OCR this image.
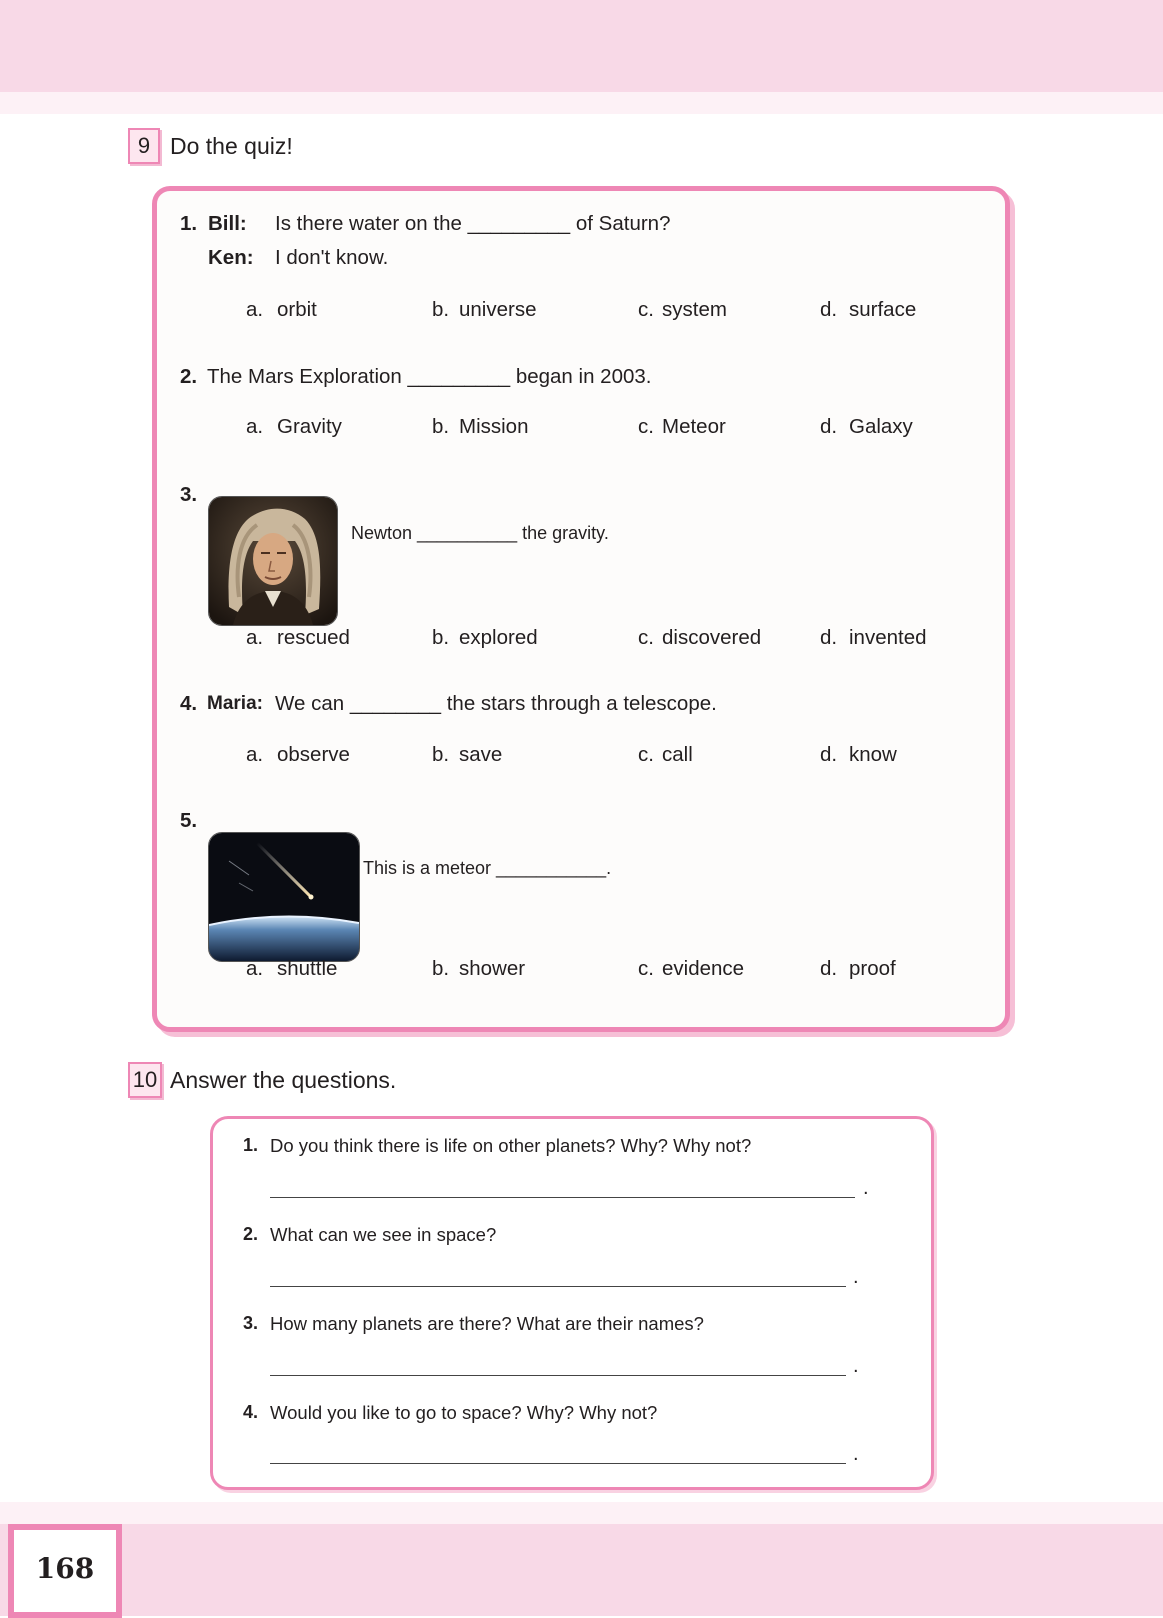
9 Do the quiz!
1. Bill: Is there water on the _________ of Saturn?
Ken: I don't know.
a. orbit	b. universe	c. system	d. surface
2. The Mars Exploration _________ began in 2003.
a. Gravity	b. Mission	c. Meteor	d. Galaxy
3.
Newton __________ the gravity.
a. rescued	b. explored	c. discovered	d. invented
4. Maria: We can ________ the stars through a telescope.
a. observe	b. save	c. call	d. know
5.
This is a meteor ___________.
a. shuttle	b. shower	c. evidence	d. proof
10 Answer the questions.
1. Do you think there is life on other planets? Why? Why not?
.
2. What can we see in space?
.
3. How many planets are there? What are their names?
.
4. Would you like to go to space? Why? Why not?
.
168
